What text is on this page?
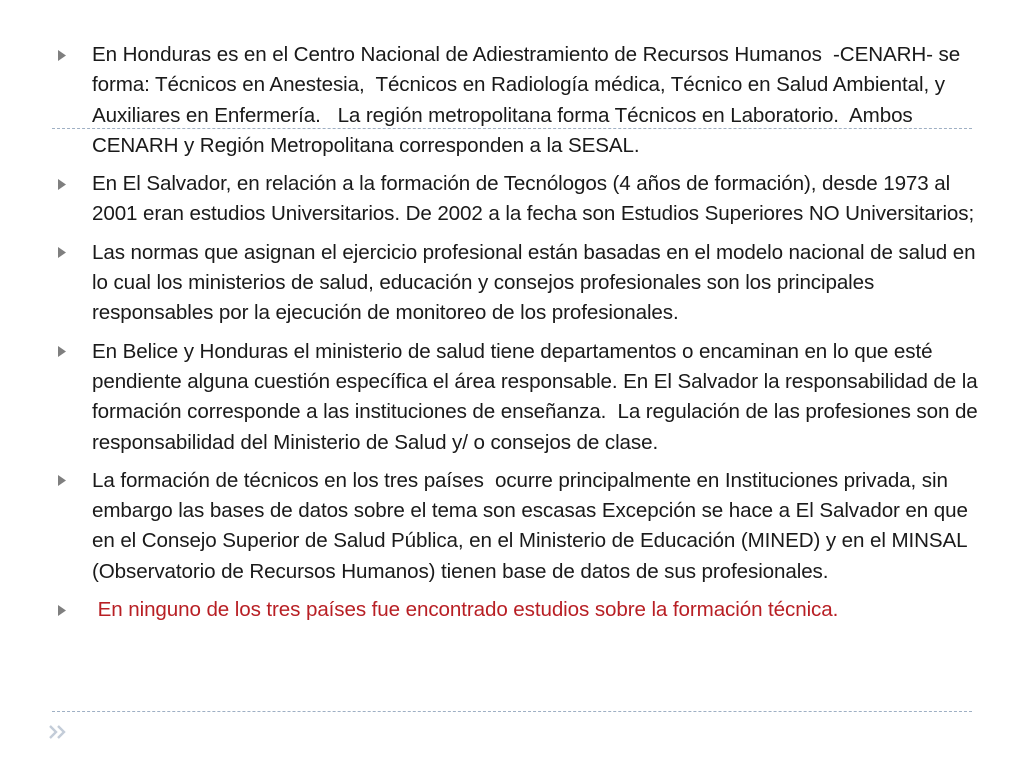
En Honduras es en el Centro Nacional de Adiestramiento de Recursos Humanos  -CENARH- se forma: Técnicos en Anestesia,  Técnicos en Radiología médica, Técnico en Salud Ambiental, y Auxiliares en Enfermería.   La región metropolitana forma Técnicos en Laboratorio.  Ambos CENARH y Región Metropolitana corresponden a la SESAL.
En El Salvador, en relación a la formación de Tecnólogos (4 años de formación), desde 1973 al 2001 eran estudios Universitarios. De 2002 a la fecha son Estudios Superiores NO Universitarios;
Las normas que asignan el ejercicio profesional están basadas en el modelo nacional de salud en lo cual los ministerios de salud, educación y consejos profesionales son los principales responsables por la ejecución de monitoreo de los profesionales.
En Belice y Honduras el ministerio de salud tiene departamentos o encaminan en lo que esté pendiente alguna cuestión específica el área responsable. En El Salvador la responsabilidad de la formación corresponde a las instituciones de enseñanza.  La regulación de las profesiones son de responsabilidad del Ministerio de Salud y/ o consejos de clase.
La formación de técnicos en los tres países  ocurre principalmente en Instituciones privada, sin embargo las bases de datos sobre el tema son escasas Excepción se hace a El Salvador en que en el Consejo Superior de Salud Pública, en el Ministerio de Educación (MINED) y en el MINSAL (Observatorio de Recursos Humanos) tienen base de datos de sus profesionales.
En ninguno de los tres países fue encontrado estudios sobre la formación técnica.
